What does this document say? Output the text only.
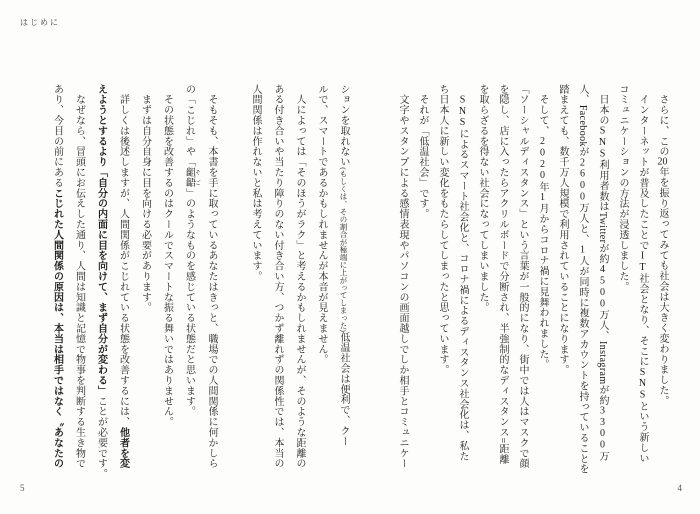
はじめに

　さらに、この20年を振り返ってみても社会は大きく変わりました。

　インターネットが普及したことでIT社会となり、そこにSNSという新しい

コミュニケーションの方法が浸透しました。

　日本のSNS利用者数はTwitterが約4500万人、Instagramが約3300万

人、Facebookが2600万人と、1人が同時に複数アカウントを持っていることを

踏まえても、数千万人規模で利用されていることになります。

　そして、2020年1月からコロナ禍に見舞われました。

「ソーシャルディスタンス」という言葉が一般的になり、街中では人はマスクで顔

を隠し、店に入ったらアクリルボードで分断され、半強制的なディスタンス=距離

を取らざるを得ない社会になってしまいました。

　SNSによるスマート社会化と、コロナ禍によるディスタンス社会化は、私た

ち日本人に新しい変化をもたらしてしまったと思っています。

　それが「低温社会」です。

　文字やスタンプによる感情表現やパソコンの画面越しでしか相手とコミュニケー

ションを取れない(もしくは、その割合が極端に上がってしまった)低温社会は便利で、クー

ルで、スマートであるかもしれませんが本音が見えません。

　人によっては「そのほうがラク」と考えるかもしれませんが、そのような距離の

ある付き合いや当たり障りのない付き合い方、つかず離れずの関係性では、本当の

人間関係は作れないと私は考えています。

　そもそも、本書を手に取っているあなたはきっと、職場での人間関係に何かしら

の「こじれ」や「齟齬 そご」のようなものを感じている状態だと思います。

　その状態を改善するのはクールでスマートな振る舞いではありません。

　まずは自分自身に目を向ける必要があります。

　詳しくは後述しますが、人間関係がこじれている状態を改善するには、他者を変

えようとするより「自分の内面に目を向けて、まず自分が変わる」ことが必要です。

　なぜなら、冒頭にお伝えした通り、人間は知識と記憶で物事を判断する生き物で

あり、今目の前にあるこじれた人間関係の原因は、本当は相手ではなく〝あなたの

4
5
